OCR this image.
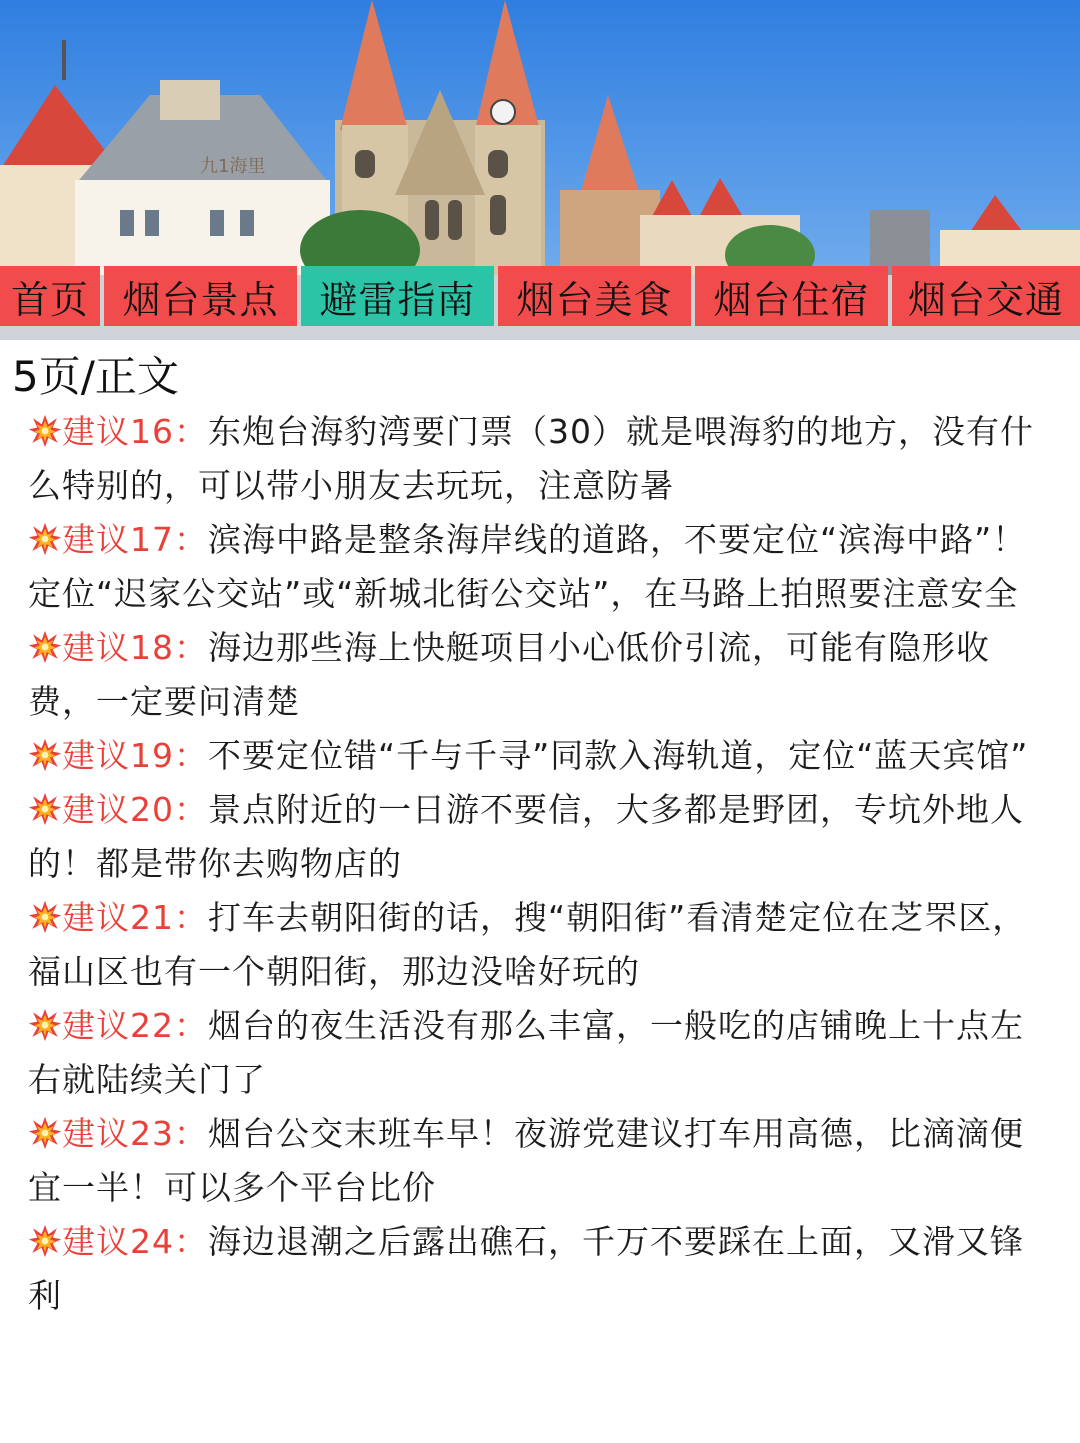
九1海里
首页 烟台景点	避雷指南	烟台美食	烟台住宿	烟台交通
5页/正文
建议16：东炮台海豹湾要门票（30）就是喂海豹的地方，没有什么特别的，可以带小朋友去玩玩，注意防暑
建议17：滨海中路是整条海岸线的道路，不要定位“滨海中路”！定位“迟家公交站”或“新城北街公交站”，在马路上拍照要注意安全
建议18：海边那些海上快艇项目小心低价引流，可能有隐形收费，一定要问清楚
建议19：不要定位错“千与千寻”同款入海轨道，定位“蓝天宾馆”
建议20：景点附近的一日游不要信，大多都是野团，专坑外地人的！都是带你去购物店的
建议21：打车去朝阳街的话，搜“朝阳街”看清楚定位在芝罘区，福山区也有一个朝阳街，那边没啥好玩的
建议22：烟台的夜生活没有那么丰富，一般吃的店铺晚上十点左右就陆续关门了
建议23：烟台公交末班车早！夜游党建议打车用高德，比滴滴便宜一半！可以多个平台比价
建议24：海边退潮之后露出礁石，千万不要踩在上面，又滑又锋利
